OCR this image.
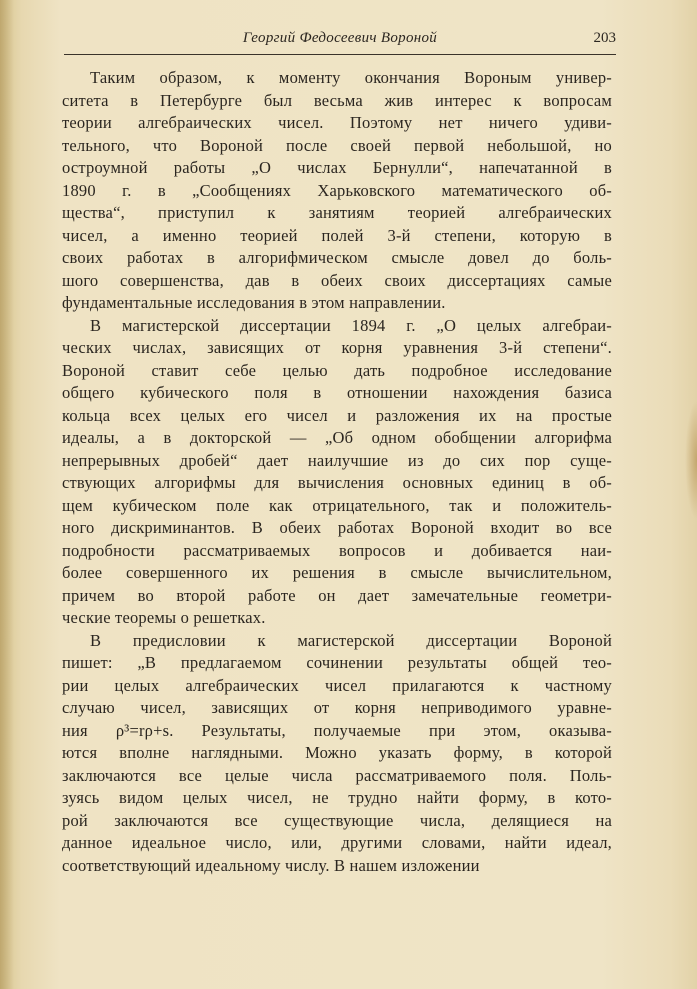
Георгий Федосеевич Вороной	203

Таким образом, к моменту окончания Вороным универ-
ситета в Петербурге был весьма жив интерес к вопросам
теории алгебраических чисел. Поэтому нет ничего удиви-
тельного, что Вороной после своей первой небольшой, но
остроумной работы „О числах Бернулли“, напечатанной в
1890 г. в „Сообщениях Харьковского математического об-
щества“, приступил к занятиям теорией алгебраических
чисел, а именно теорией полей 3-й степени, которую в
своих работах в алгорифмическом смысле довел до боль-
шого совершенства, дав в обеих своих диссертациях самые
фундаментальные исследования в этом направлении.

В магистерской диссертации 1894 г. „О целых алгебраи-
ческих числах, зависящих от корня уравнения 3-й степени“.
Вороной ставит себе целью дать подробное исследование
общего кубического поля в отношении нахождения базиса
кольца всех целых его чисел и разложения их на простые
идеалы, а в докторской — „Об одном обобщении алгорифма
непрерывных дробей“ дает наилучшие из до сих пор суще-
ствующих алгорифмы для вычисления основных единиц в об-
щем кубическом поле как отрицательного, так и положитель-
ного дискриминантов. В обеих работах Вороной входит во все
подробности рассматриваемых вопросов и добивается наи-
более совершенного их решения в смысле вычислительном,
причем во второй работе он дает замечательные геометри-
ческие теоремы о решетках.

В предисловии к магистерской диссертации Вороной
пишет: „В предлагаемом сочинении результаты общей тео-
рии целых алгебраических чисел прилагаются к частному
случаю чисел, зависящих от корня неприводимого уравне-
ния ρ³=rρ+s. Результаты, получаемые при этом, оказыва-
ются вполне наглядными. Можно указать форму, в которой
заключаются все целые числа рассматриваемого поля. Поль-
зуясь видом целых чисел, не трудно найти форму, в кото-
рой заключаются все существующие числа, делящиеся на
данное идеальное число, или, другими словами, найти идеал,
соответствующий идеальному числу. В нашем изложении
